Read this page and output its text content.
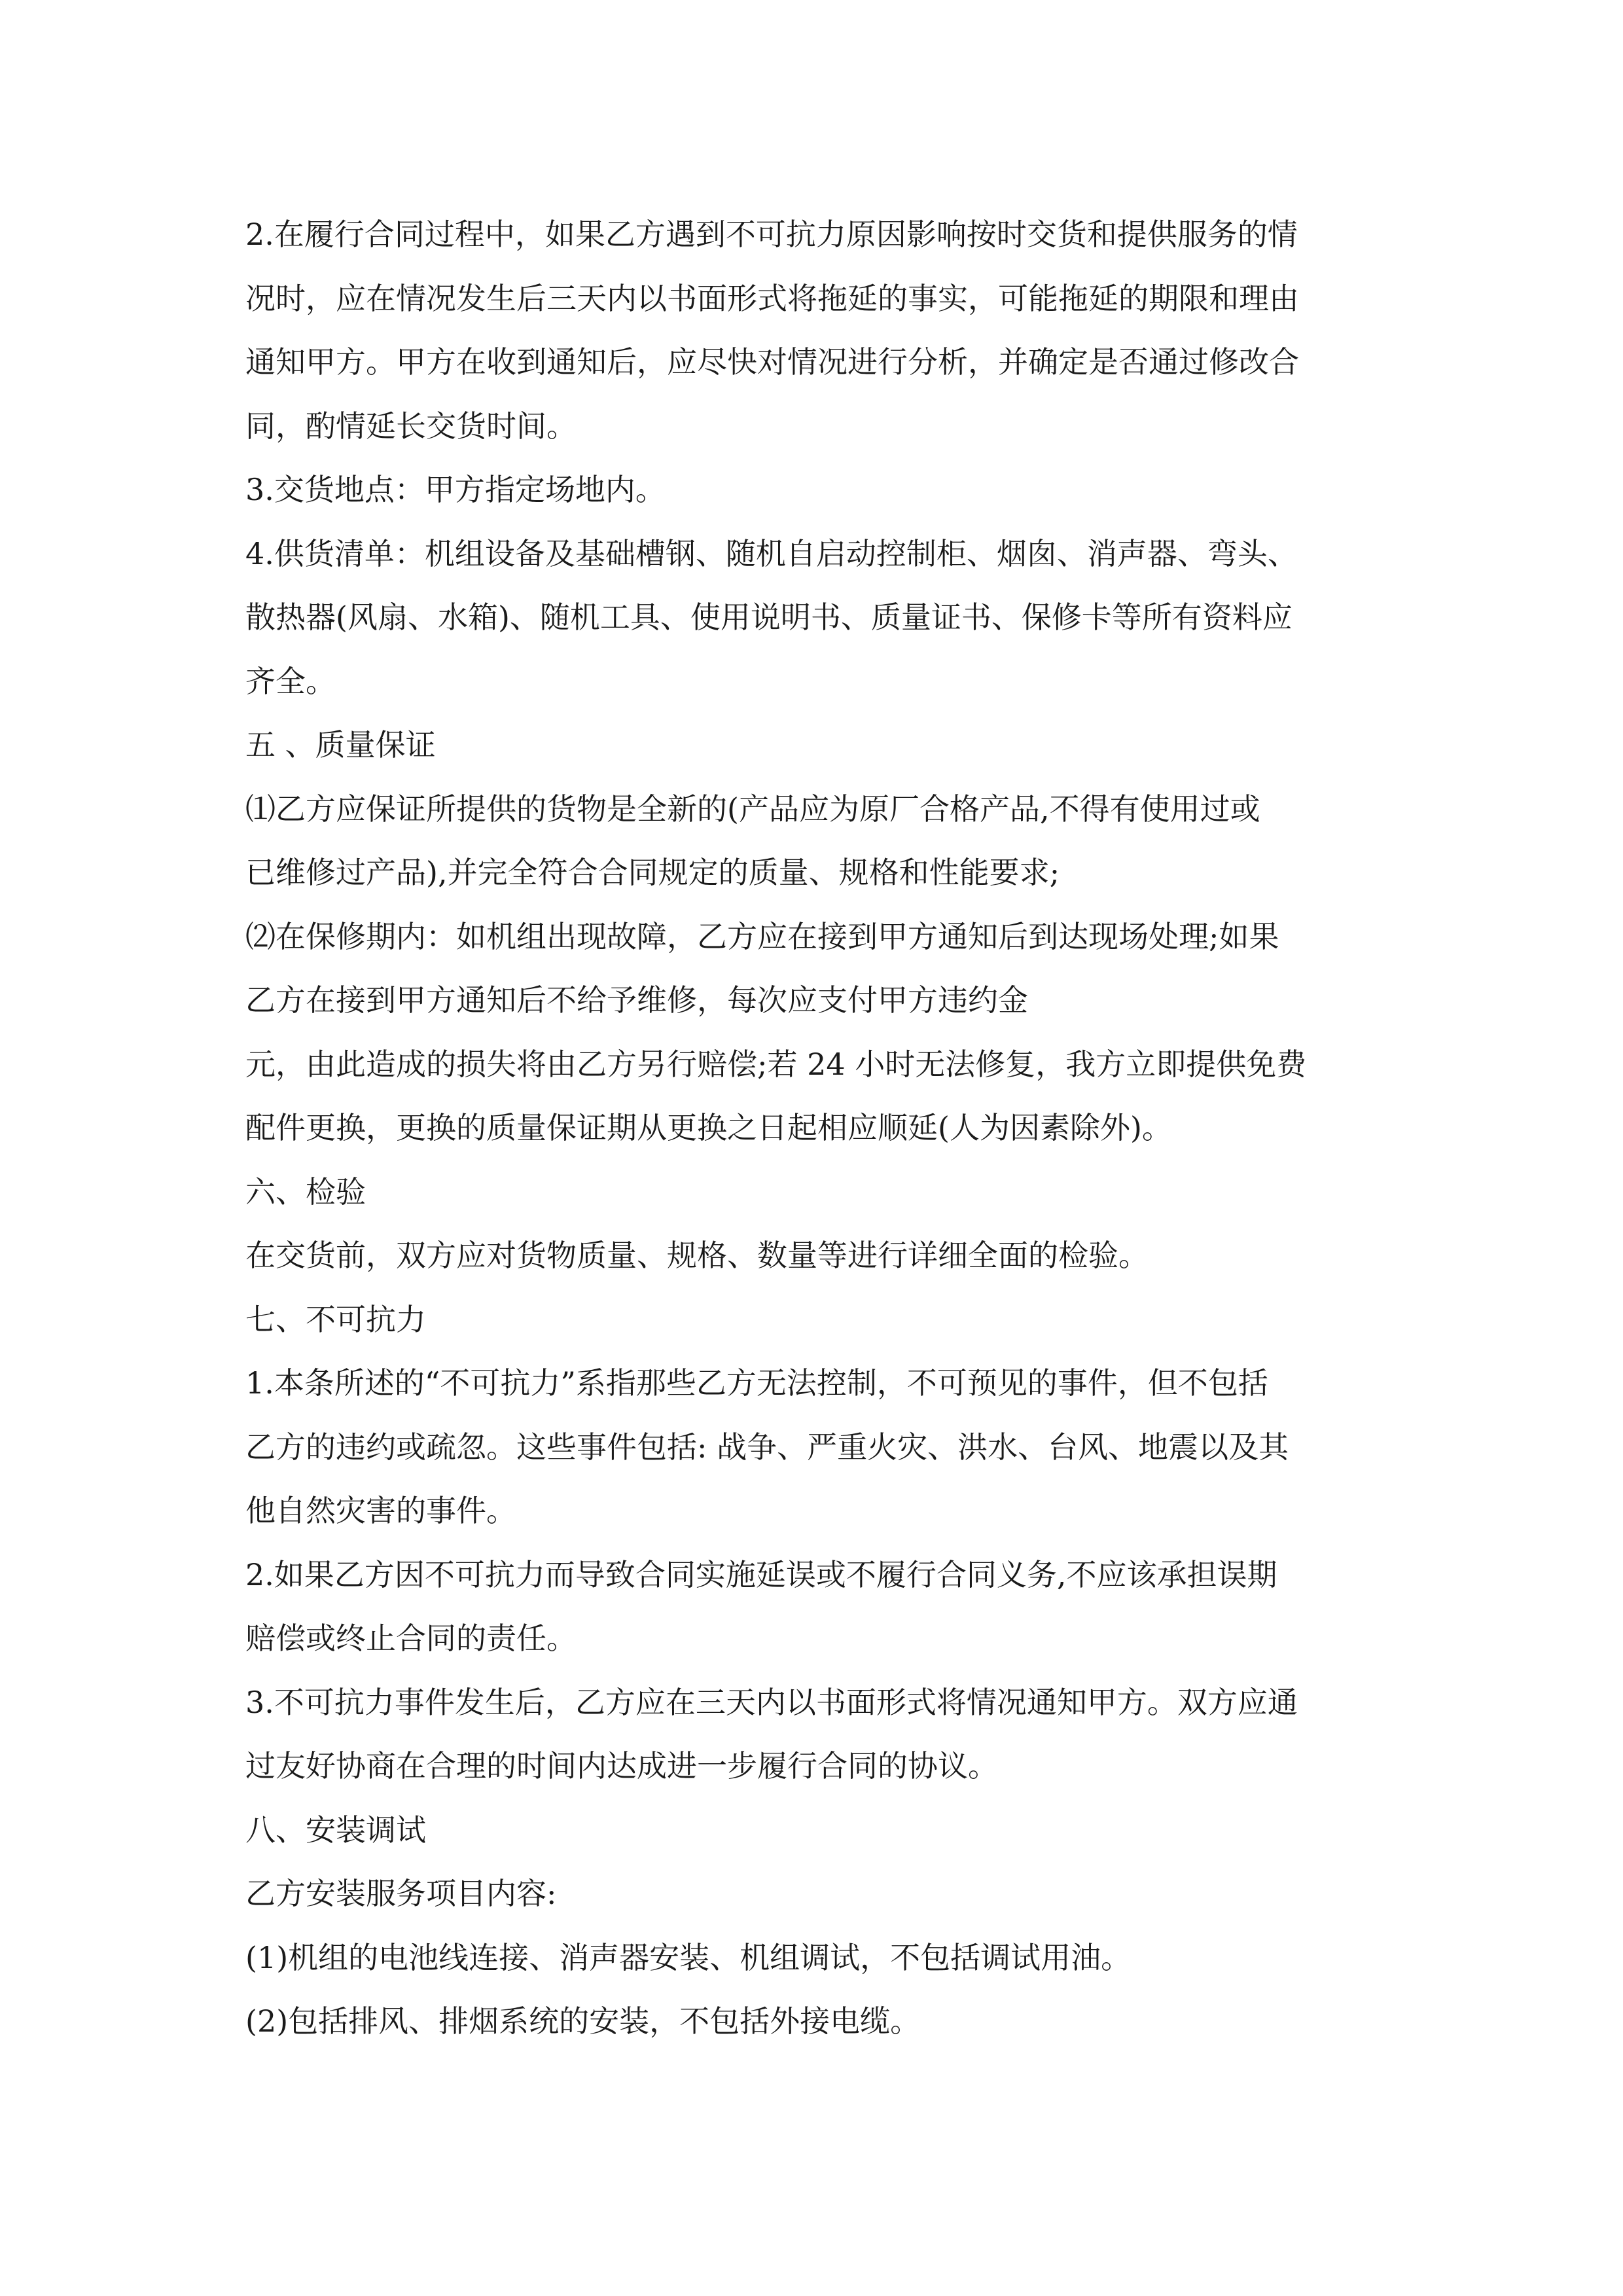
2.在履行合同过程中，如果乙方遇到不可抗力原因影响按时交货和提供服务的情
况时，应在情况发生后三天内以书面形式将拖延的事实，可能拖延的期限和理由
通知甲方。甲方在收到通知后，应尽快对情况进行分析，并确定是否通过修改合
同，酌情延长交货时间。
3.交货地点：甲方指定场地内。
4.供货清单：机组设备及基础槽钢、随机自启动控制柜、烟囱、消声器、弯头、
散热器(风扇、水箱)、随机工具、使用说明书、质量证书、保修卡等所有资料应
齐全。
五 、质量保证
⑴乙方应保证所提供的货物是全新的(产品应为原厂合格产品,不得有使用过或
已维修过产品),并完全符合合同规定的质量、规格和性能要求;
⑵在保修期内：如机组出现故障，乙方应在接到甲方通知后到达现场处理;如果
乙方在接到甲方通知后不给予维修，每次应支付甲方违约金
元，由此造成的损失将由乙方另行赔偿;若 24 小时无法修复，我方立即提供免费
配件更换，更换的质量保证期从更换之日起相应顺延(人为因素除外)。
六、检验
在交货前，双方应对货物质量、规格、数量等进行详细全面的检验。
七、不可抗力
1.本条所述的“不可抗力”系指那些乙方无法控制，不可预见的事件，但不包括
乙方的违约或疏忽。这些事件包括: 战争、严重火灾、洪水、台风、地震以及其
他自然灾害的事件。
2.如果乙方因不可抗力而导致合同实施延误或不履行合同义务,不应该承担误期
赔偿或终止合同的责任。
3.不可抗力事件发生后，乙方应在三天内以书面形式将情况通知甲方。双方应通
过友好协商在合理的时间内达成进一步履行合同的协议。
八、安装调试
乙方安装服务项目内容:
(1)机组的电池线连接、消声器安装、机组调试，不包括调试用油。
(2)包括排风、排烟系统的安装，不包括外接电缆。
